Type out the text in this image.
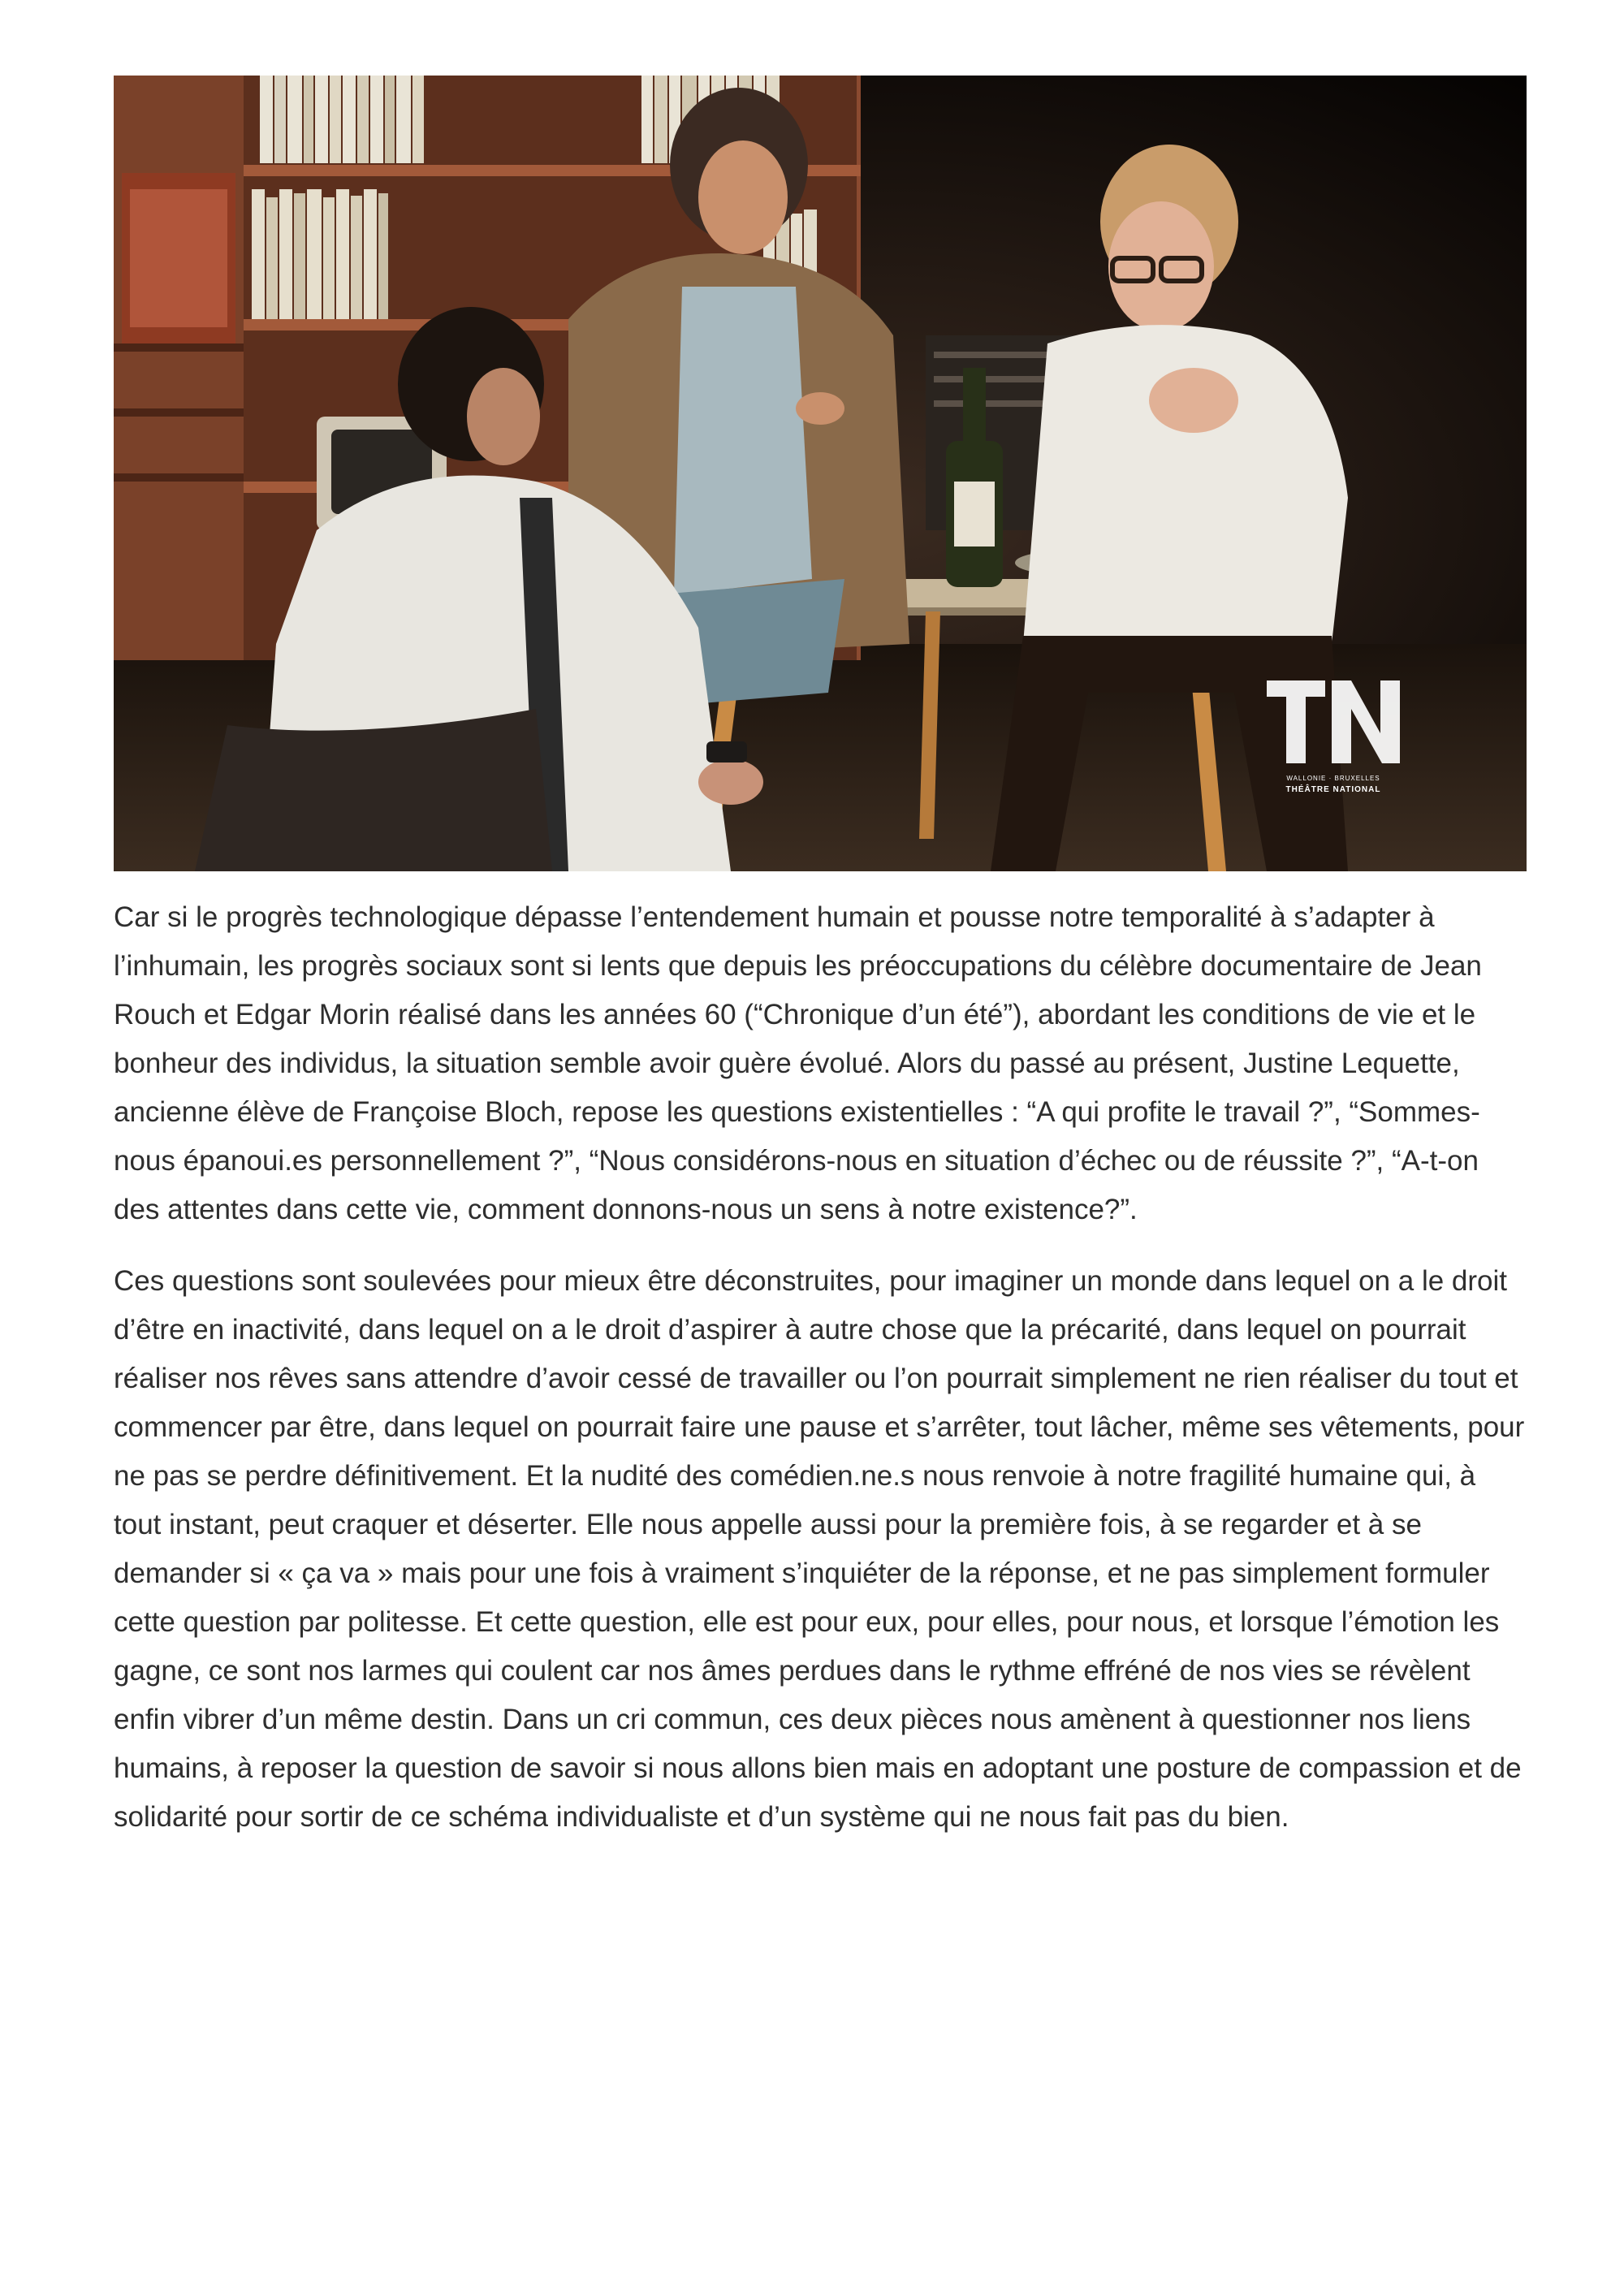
WALLONIE · BRUXELLES
THÉÂTRE NATIONAL

Car si le progrès technologique dépasse l’entendement humain et pousse notre temporalité à s’adapter à l’inhumain, les progrès sociaux sont si lents que depuis les préoccupations du célèbre documentaire de Jean Rouch et Edgar Morin réalisé dans les années 60 (“Chronique d’un été”), abordant les conditions de vie et le bonheur des individus, la situation semble avoir guère évolué. Alors du passé au présent, Justine Lequette, ancienne élève de Françoise Bloch, repose les questions existentielles : “A qui profite le travail ?”, “Sommes-nous épanoui.es personnellement ?”, “Nous considérons-nous en situation d’échec ou de réussite ?”, “A-t-on des attentes dans cette vie, comment donnons-nous un sens à notre existence?”.

Ces questions sont soulevées pour mieux être déconstruites, pour imaginer un monde dans lequel on a le droit d’être en inactivité, dans lequel on a le droit d’aspirer à autre chose que la précarité, dans lequel on pourrait réaliser nos rêves sans attendre d’avoir cessé de travailler ou l’on pourrait simplement ne rien réaliser du tout et commencer par être, dans lequel on pourrait faire une pause et s’arrêter, tout lâcher, même ses vêtements, pour ne pas se perdre définitivement. Et la nudité des comédien.ne.s nous renvoie à notre fragilité humaine qui, à tout instant, peut craquer et déserter. Elle nous appelle aussi pour la première fois, à se regarder et à se demander si « ça va » mais pour une fois à vraiment s’inquiéter de la réponse, et ne pas simplement formuler cette question par politesse. Et cette question, elle est pour eux, pour elles, pour nous, et lorsque l’émotion les gagne, ce sont nos larmes qui coulent car nos âmes perdues dans le rythme effréné de nos vies se révèlent enfin vibrer d’un même destin. Dans un cri commun, ces deux pièces nous amènent à questionner nos liens humains, à reposer la question de savoir si nous allons bien mais en adoptant une posture de compassion et de solidarité pour sortir de ce schéma individualiste et d’un système qui ne nous fait pas du bien.
